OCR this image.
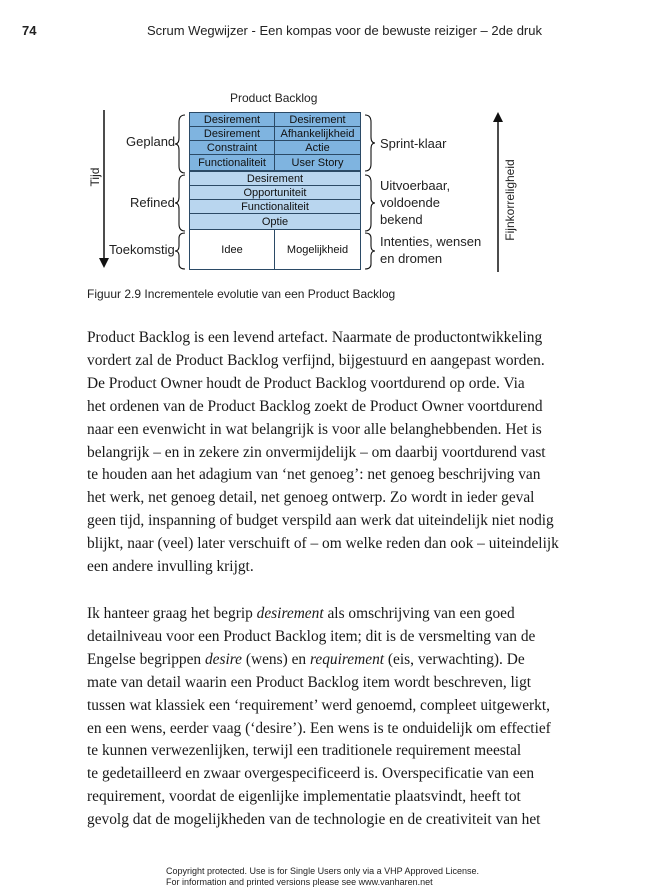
74	Scrum Wegwijzer - Een kompas voor de bewuste reiziger – 2de druk
Product Backlog
Tijd
Gepland
Refined
Toekomstig
Desirement	Desirement
Desirement	Afhankelijkheid
Constraint	Actie
Functionaliteit	User Story
Desirement
Opportuniteit
Functionaliteit
Optie
Idee	Mogelijkheid
Sprint-klaar
Uitvoerbaar,
voldoende
bekend
Intenties, wensen
en dromen
Fijnkorreligheid
Figuur 2.9 Incrementele evolutie van een Product Backlog
Product Backlog is een levend artefact. Naarmate de productontwikkeling
vordert zal de Product Backlog verfijnd, bijgestuurd en aangepast worden.
De Product Owner houdt de Product Backlog voortdurend op orde. Via
het ordenen van de Product Backlog zoekt de Product Owner voortdurend
naar een evenwicht in wat belangrijk is voor alle belanghebbenden. Het is
belangrijk – en in zekere zin onvermijdelijk – om daarbij voortdurend vast
te houden aan het adagium van ‘net genoeg’: net genoeg beschrijving van
het werk, net genoeg detail, net genoeg ontwerp. Zo wordt in ieder geval
geen tijd, inspanning of budget verspild aan werk dat uiteindelijk niet nodig
blijkt, naar (veel) later verschuift of – om welke reden dan ook – uiteindelijk
een andere invulling krijgt.
Ik hanteer graag het begrip desirement als omschrijving van een goed
detailniveau voor een Product Backlog item; dit is de versmelting van de
Engelse begrippen desire (wens) en requirement (eis, verwachting). De
mate van detail waarin een Product Backlog item wordt beschreven, ligt
tussen wat klassiek een ‘requirement’ werd genoemd, compleet uitgewerkt,
en een wens, eerder vaag (‘desire’). Een wens is te onduidelijk om effectief
te kunnen verwezenlijken, terwijl een traditionele requirement meestal
te gedetailleerd en zwaar overgespecificeerd is. Overspecificatie van een
requirement, voordat de eigenlijke implementatie plaatsvindt, heeft tot
gevolg dat de mogelijkheden van de technologie en de creativiteit van het
Copyright protected. Use is for Single Users only via a VHP Approved License.
For information and printed versions please see www.vanharen.net
